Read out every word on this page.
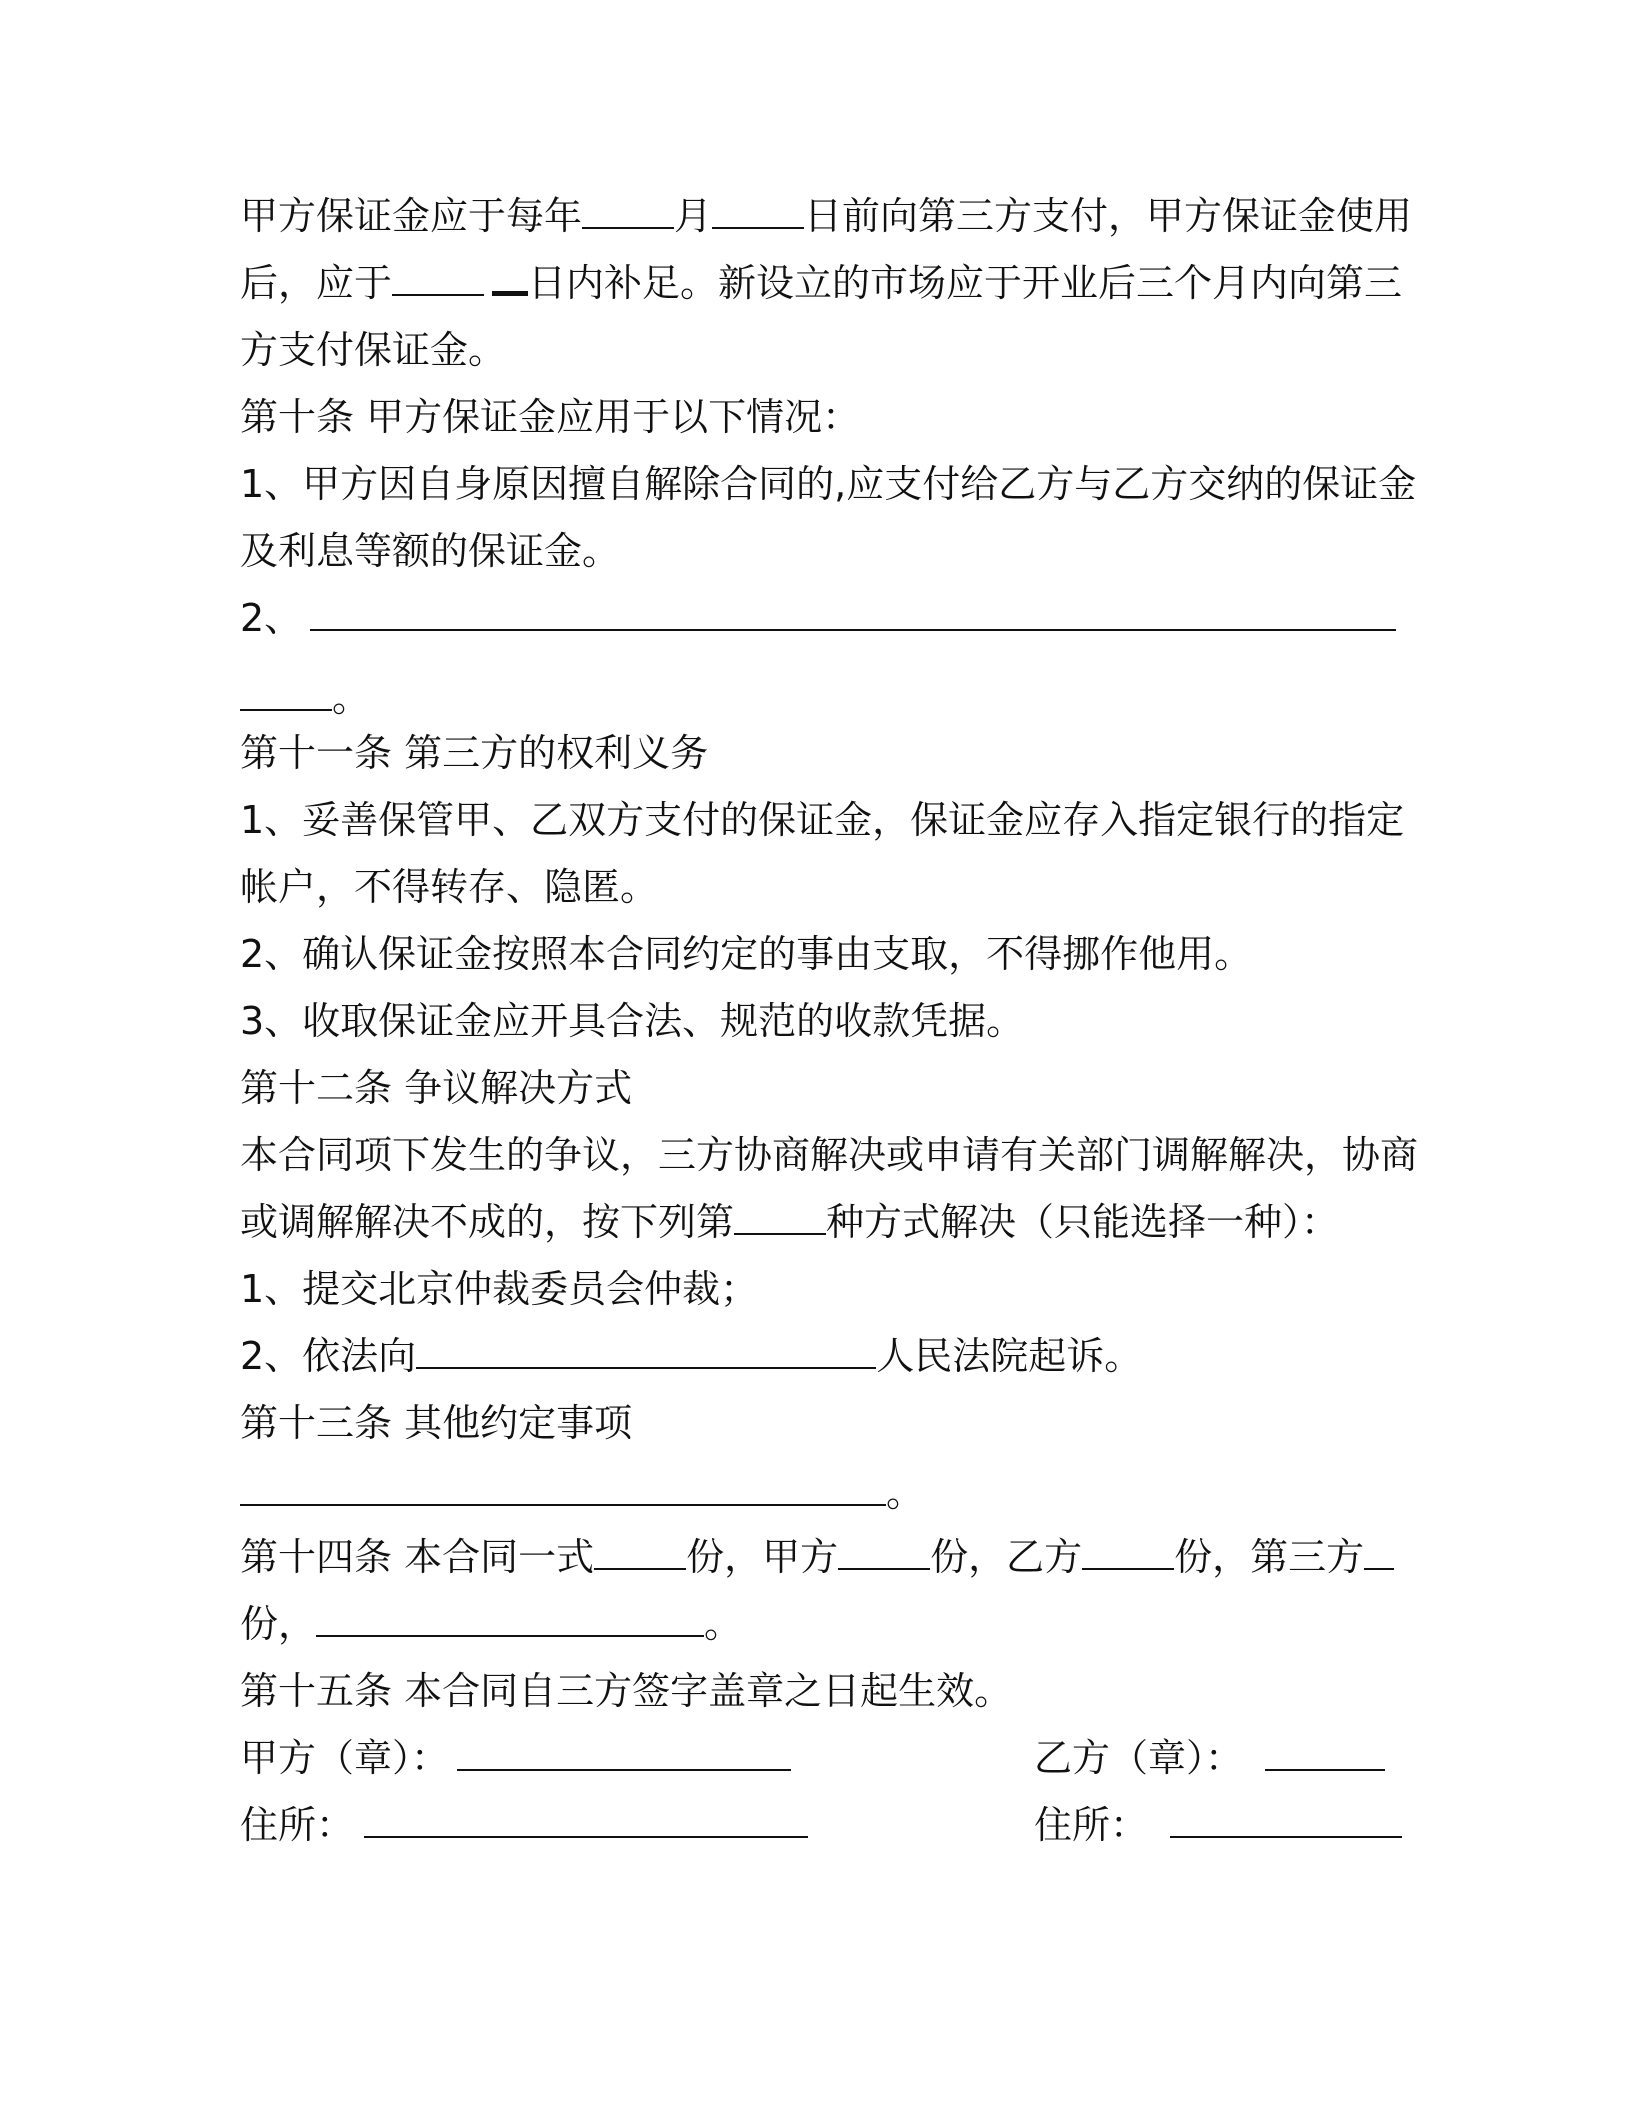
甲方保证金应于每年 月 日前向第三方支付，甲方保证金使用
后，应于	日内补足。新设立的市场应于开业后三个月内向第三
方支付保证金。
第十条 甲方保证金应用于以下情况：
1、甲方因自身原因擅自解除合同的,应支付给乙方与乙方交纳的保证金
及利息等额的保证金。
2、
。
第十一条 第三方的权利义务
1、妥善保管甲、乙双方支付的保证金，保证金应存入指定银行的指定
帐户，不得转存、隐匿。
2、确认保证金按照本合同约定的事由支取，不得挪作他用。
3、收取保证金应开具合法、规范的收款凭据。
第十二条 争议解决方式
本合同项下发生的争议，三方协商解决或申请有关部门调解解决，协商
或调解解决不成的，按下列第 种方式解决（只能选择一种）：
1、提交北京仲裁委员会仲裁；
2、依法向	人民法院起诉。
第十三条 其他约定事项
。
第十四条 本合同一式 份，甲方 份，乙方 份，第三方
份，	。
第十五条 本合同自三方签字盖章之日起生效。
甲方（章）：	乙方（章）：
住所：	住所：
